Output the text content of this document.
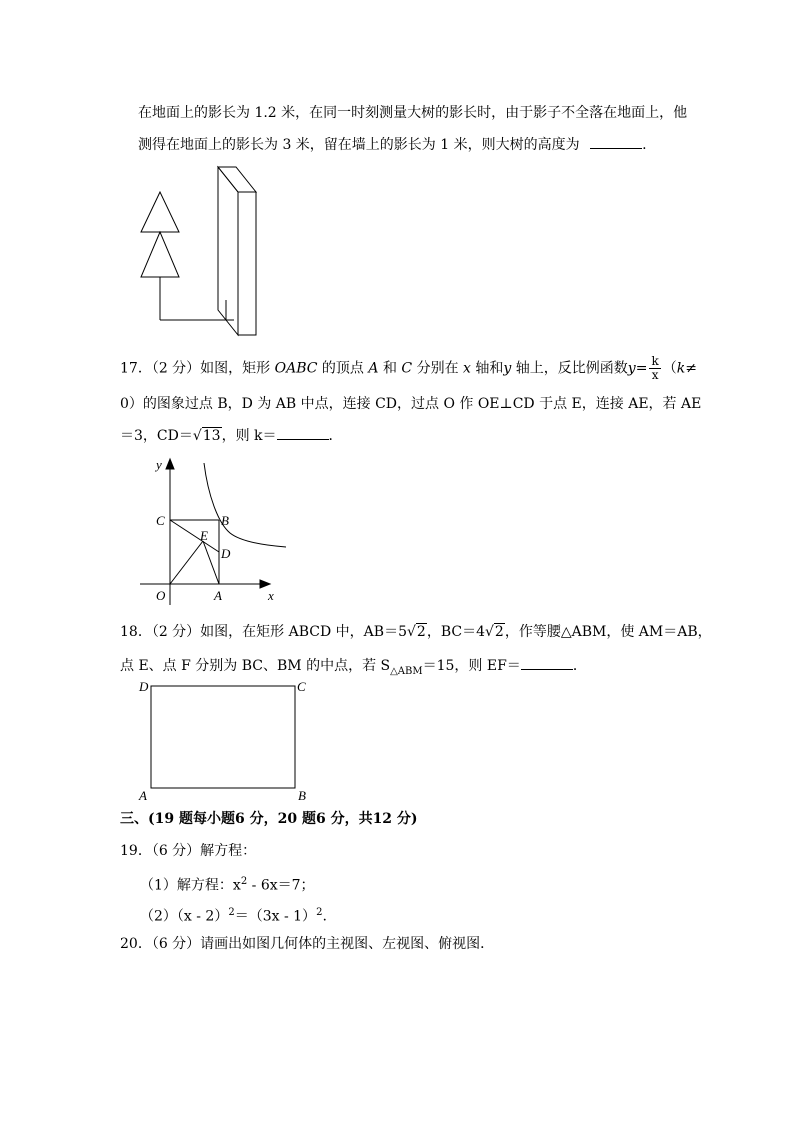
在地面上的影长为 1.2 米，在同一时刻测量大树的影长时，由于影子不全落在地面上，他
测得在地面上的影长为 3 米，留在墙上的影长为 1 米，则大树的高度为	.
17．（2 分）如图，矩形 OABC 的顶点 A 和 C 分别在 x 轴和y 轴上，反比例函数$y= \frac{k}{x} (k\ne$
0）的图象过点 B，D 为 AB 中点，连接 CD，过点 O 作 OE⊥CD 于点 E，连接 AE，若 AE
＝3，CD＝√13，则 k＝	．
y
x
C	B
E
D
O	A
18．（2 分）如图，在矩形 ABCD 中，AB＝5√2，BC＝4√2，作等腰△ABM，使 AM＝AB，
点 E、点 F 分别为 BC、BM 的中点，若 $S_{\triangle ABM}=15$，则 EF＝	．
D	C
A	B
三、(19 题每小题6 分，20 题6 分，共12 分)
19．（6 分）解方程：
（1）解方程：$x^2 - 6x=7$；
（2）（x - 2）$^2$＝（3x - 1）$^2$.
20．（6 分）请画出如图几何体的主视图、左视图、俯视图．
